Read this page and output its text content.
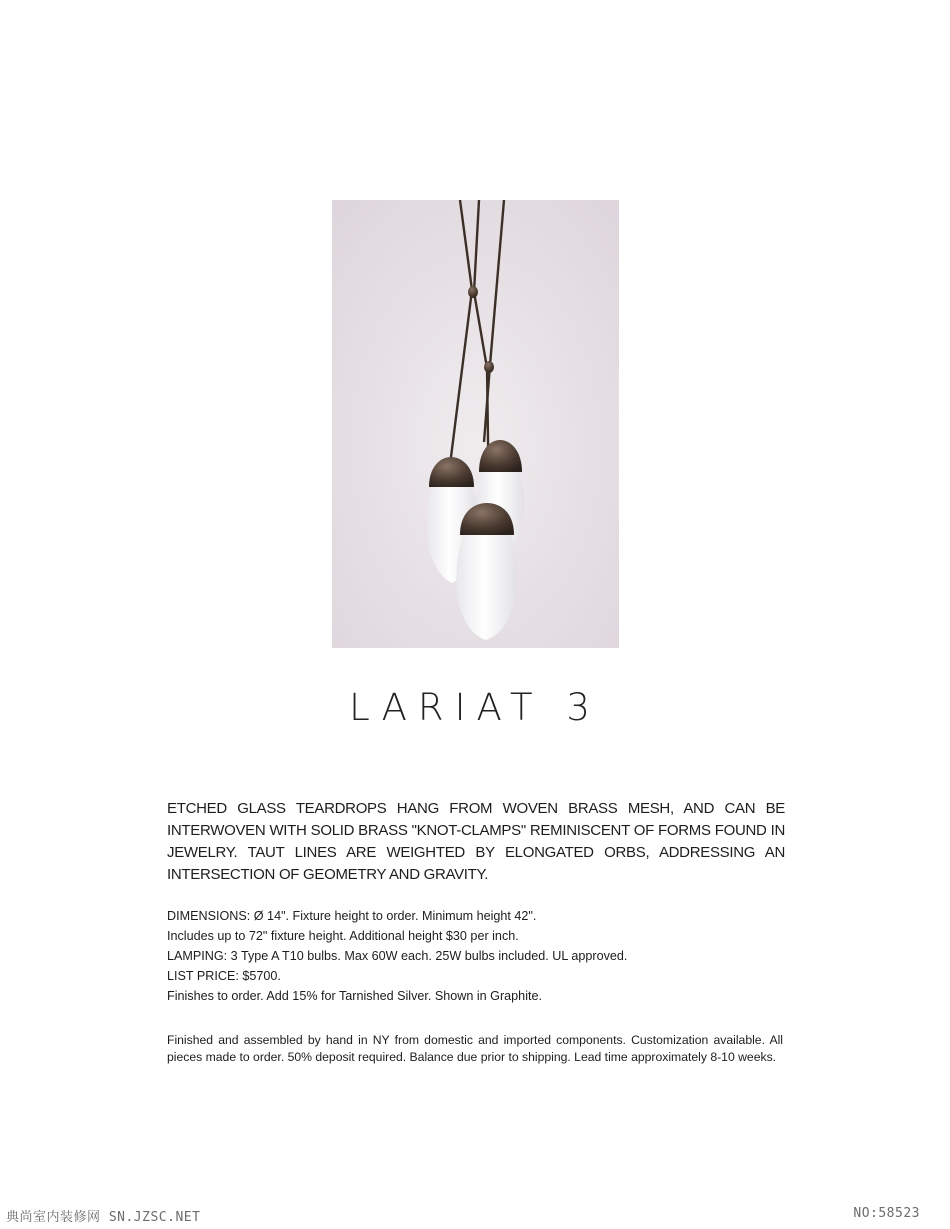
LARIAT 3

ETCHED GLASS TEARDROPS HANG FROM WOVEN BRASS MESH, AND CAN BE INTERWOVEN WITH SOLID BRASS "KNOT-CLAMPS" REMINISCENT OF FORMS FOUND IN JEWELRY. TAUT LINES ARE WEIGHTED BY ELONGATED ORBS, ADDRESSING AN INTERSECTION OF GEOMETRY AND GRAVITY.

DIMENSIONS: Ø 14". Fixture height to order. Minimum height 42".
Includes up to 72" fixture height. Additional height $30 per inch.
LAMPING: 3 Type A T10 bulbs. Max 60W each. 25W bulbs included. UL approved.
LIST PRICE: $5700.
Finishes to order. Add 15% for Tarnished Silver. Shown in Graphite.

Finished and assembled by hand in NY from domestic and imported components. Customization available. All pieces made to order. 50% deposit required. Balance due prior to shipping. Lead time approximately 8-10 weeks.

典尚室内装修网 SN.JZSC.NET	NO:58523
